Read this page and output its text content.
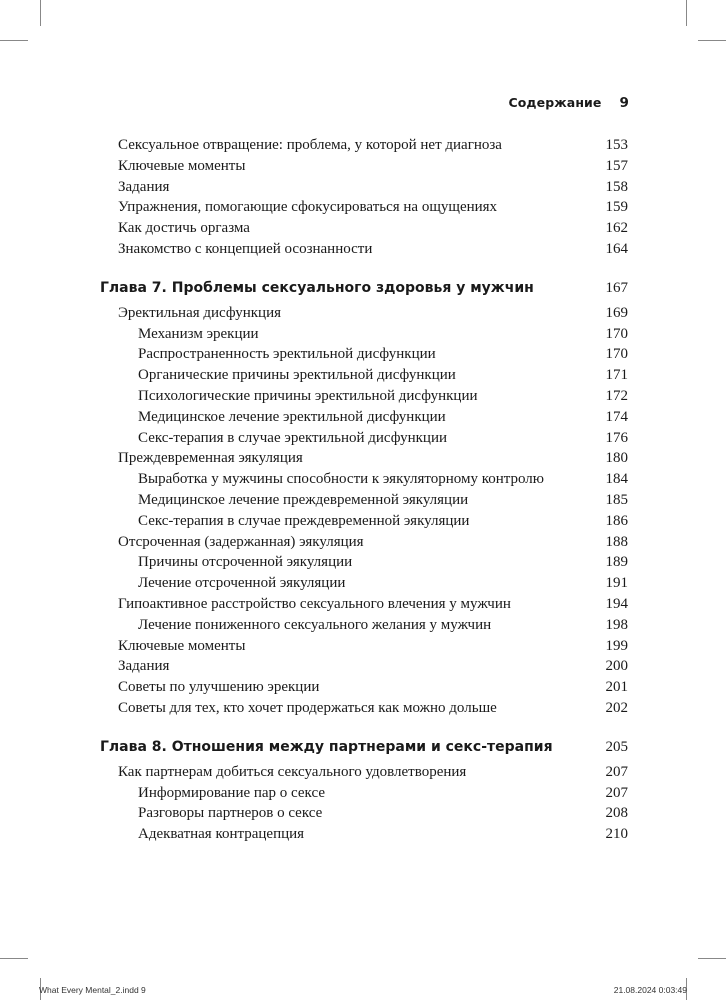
Содержание 9
Сексуальное отвращение: проблема, у которой нет диагноза	153
Ключевые моменты	157
Задания	158
Упражнения, помогающие сфокусироваться на ощущениях	159
Как достичь оргазма	162
Знакомство с концепцией осознанности	164
Глава 7. Проблемы сексуального здоровья у мужчин	167
Эректильная дисфункция	169
Механизм эрекции	170
Распространенность эректильной дисфункции	170
Органические причины эректильной дисфункции	171
Психологические причины эректильной дисфункции	172
Медицинское лечение эректильной дисфункции	174
Секс-терапия в случае эректильной дисфункции	176
Преждевременная эякуляция	180
Выработка у мужчины способности к эякуляторному контролю	184
Медицинское лечение преждевременной эякуляции	185
Секс-терапия в случае преждевременной эякуляции	186
Отсроченная (задержанная) эякуляция	188
Причины отсроченной эякуляции	189
Лечение отсроченной эякуляции	191
Гипоактивное расстройство сексуального влечения у мужчин	194
Лечение пониженного сексуального желания у мужчин	198
Ключевые моменты	199
Задания	200
Советы по улучшению эрекции	201
Советы для тех, кто хочет продержаться как можно дольше	202
Глава 8. Отношения между партнерами и секс-терапия	205
Как партнерам добиться сексуального удовлетворения	207
Информирование пар о сексе	207
Разговоры партнеров о сексе	208
Адекватная контрацепция	210
What Every Mental_2.indd 9	21.08.2024 0:03:49
